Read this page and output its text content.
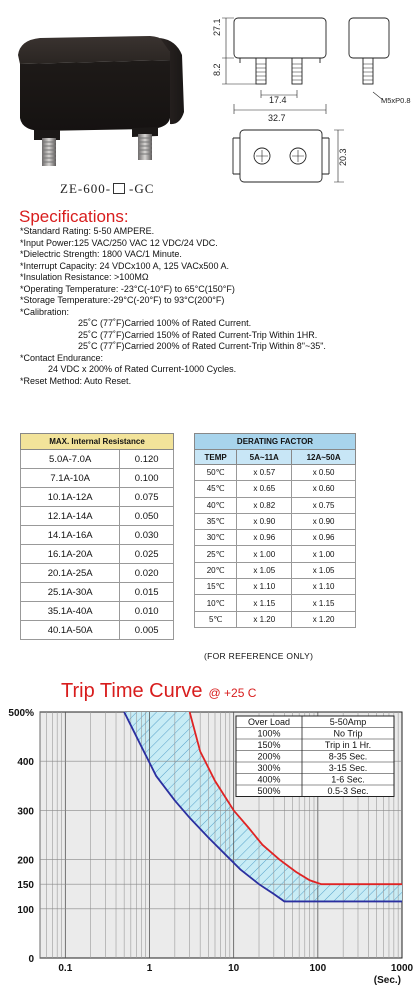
27.1
8.2
17.4
32.7
20.3
M5xP0.8
ZE-600- -GC
Specifications:
*Standard Rating: 5-50 AMPERE.
*Input Power:125 VAC/250 VAC 12 VDC/24 VDC.
*Dielectric Strength: 1800 VAC/1 Minute.
*Interrupt Capacity: 24 VDCx100 A, 125 VACx500 A.
*Insulation Resistance: >100MΩ
*Operating Temperature: -23°C(-10°F) to 65°C(150°F)
*Storage Temperature:-29°C(-20°F) to 93°C(200°F)
*Calibration:
25˚C (77˚F)Carried 100% of Rated Current.
25˚C (77˚F)Carried 150% of Rated Current-Trip Within 1HR.
25˚C (77˚F)Carried 200% of Rated Current-Trip Within 8"~35".
*Contact Endurance:
24 VDC x 200% of Rated Current-1000 Cycles.
*Reset Method: Auto Reset.
MAX. Internal Resistance	
5.0A-7.0A	0.120
7.1A-10A	0.100
10.1A-12A	0.075
12.1A-14A	0.050
14.1A-16A	0.030
16.1A-20A	0.025
20.1A-25A	0.020
25.1A-30A	0.015
35.1A-40A	0.010
40.1A-50A	0.005
DERATING FACTOR		
TEMP	5A~11A	12A~50A
50℃	x 0.57	x 0.50
45℃	x 0.65	x 0.60
40℃	x 0.82	x 0.75
35℃	x 0.90	x 0.90
30℃	x 0.96	x 0.96
25℃	x 1.00	x 1.00
20℃	x 1.05	x 1.05
15℃	x 1.10	x 1.10
10℃	x 1.15	x 1.15
5℃	x 1.20	x 1.20
(FOR REFERENCE ONLY)
Trip Time Curve @ +25 C
0
100
150
200
300
400
500%
0.1	1	10	100	1000
(Sec.)
Over Load	5-50Amp
100%	No Trip
150%	Trip in 1 Hr.
200%	8-35 Sec.
300%	3-15 Sec.
400%	1-6 Sec.
500%	0.5-3 Sec.
